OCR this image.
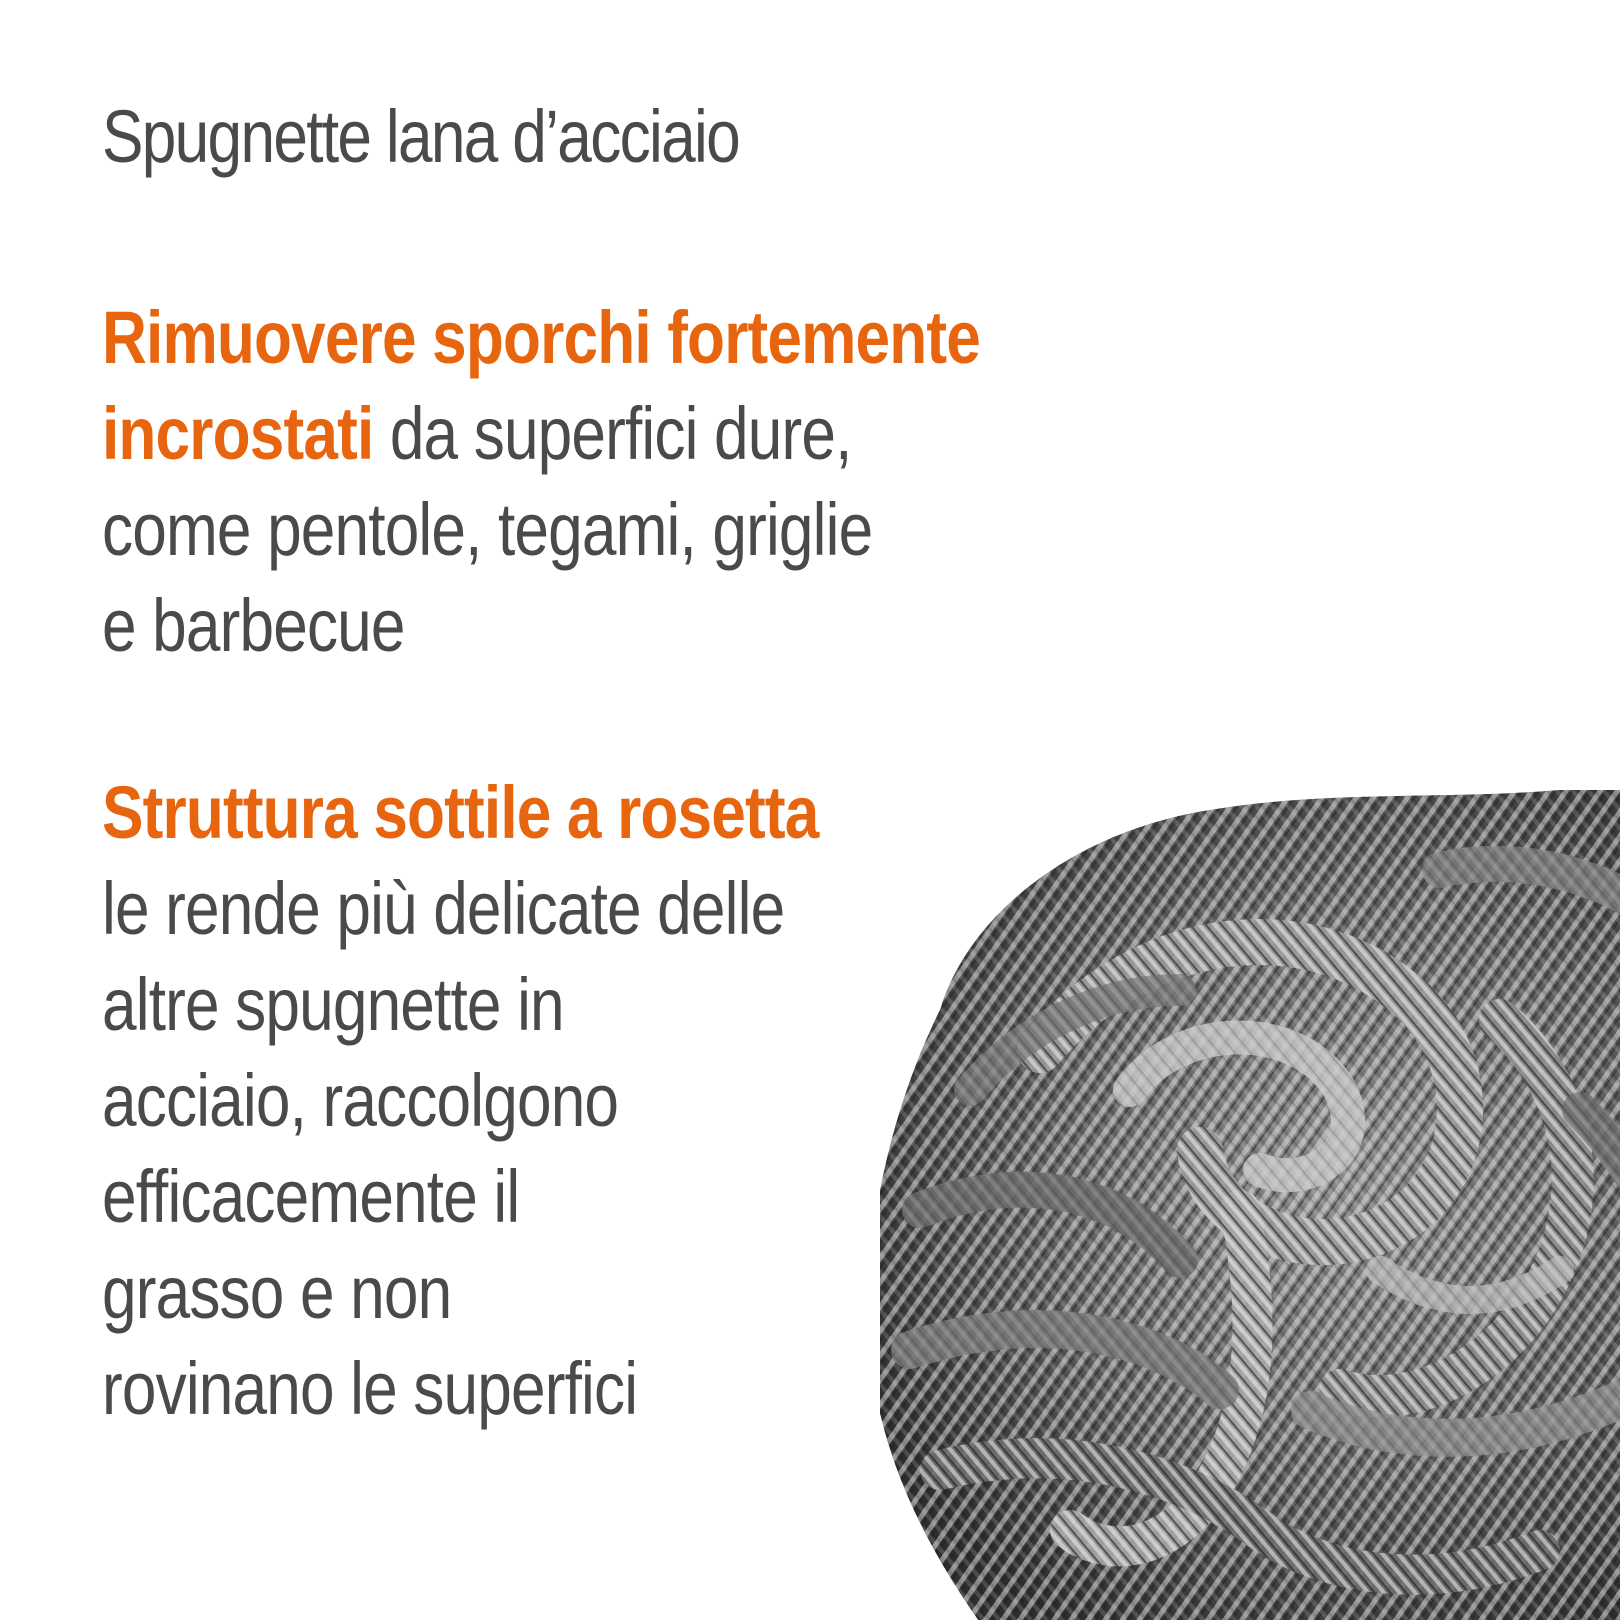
Spugnette lana d’acciaio
Rimuovere sporchi fortemente
incrostati da superfici dure,
come pentole, tegami, griglie
e barbecue
Struttura sottile a rosetta
le rende più delicate delle
altre spugnette in
acciaio, raccolgono
efficacemente il
grasso e non
rovinano le superfici
